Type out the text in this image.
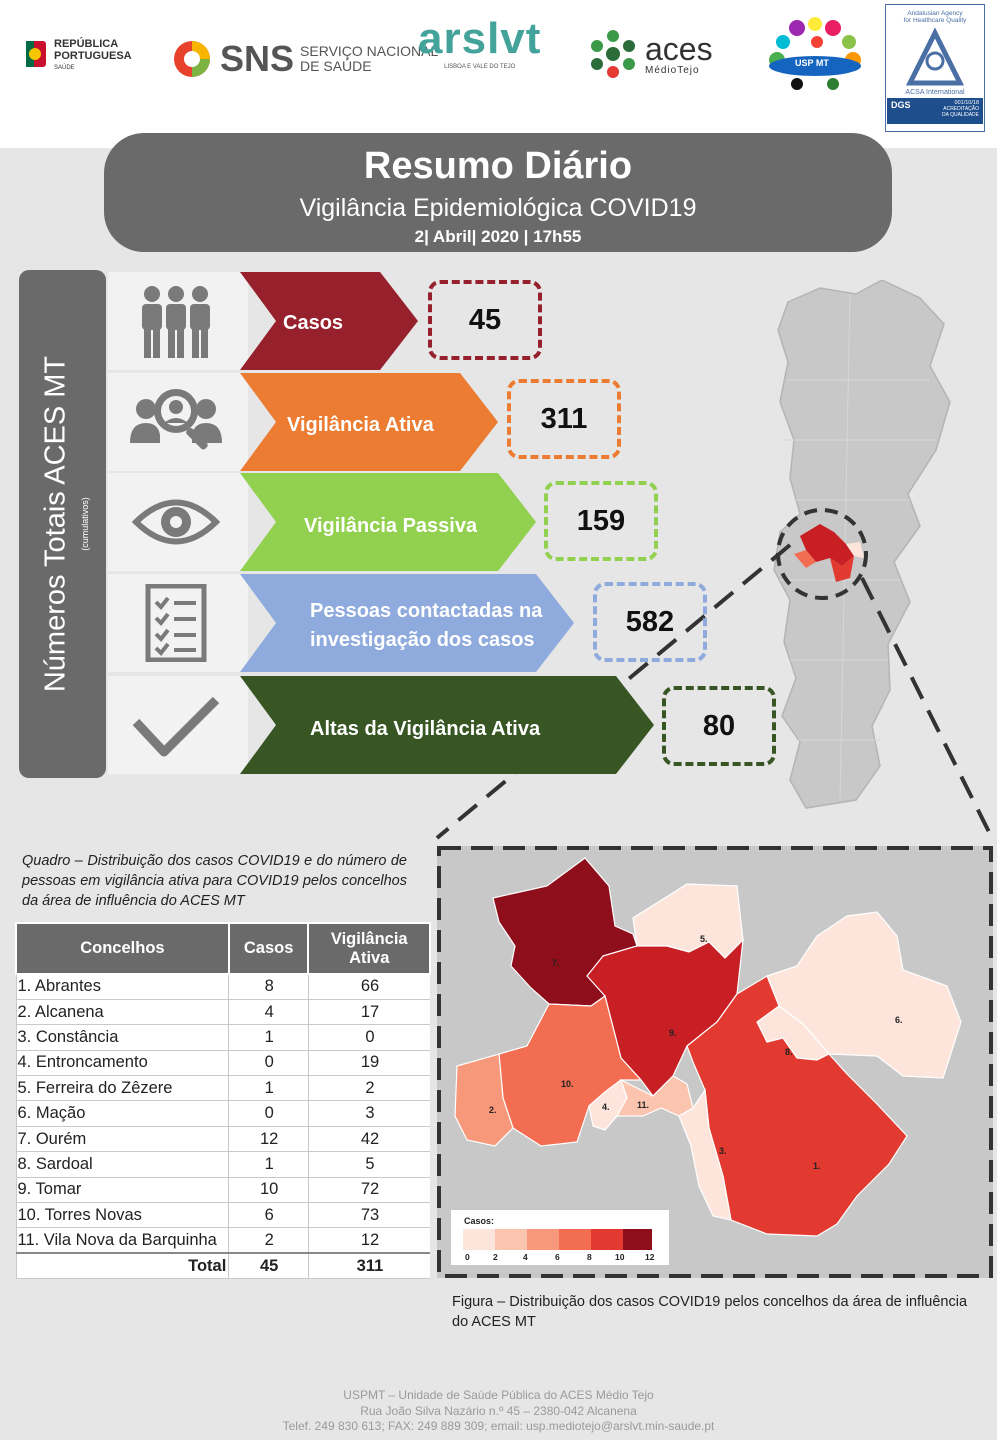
REPÚBLICA
PORTUGUESA
SAÚDE	SNS SERVIÇO NACIONAL
DE SAÚDE
arslvt
LISBOA E VALE DO TEJO
aces
MédioTejo
USP MT
Andalusian Agency
for Healthcare Quality
ACSA International
DGS	001/10/18
ACREDITAÇÃO DA QUALIDADE
Resumo Diário
Vigilância Epidemiológica COVID19
2| Abril| 2020 | 17h55
Números Totais ACES MT (cumulativos)
Casos
Vigilância Ativa
Vigilância Passiva
Pessoas contactadas na investigação dos casos
Altas da Vigilância Ativa
45
311
159
582
80
Quadro – Distribuição dos casos COVID19 e do número de pessoas em vigilância ativa para COVID19 pelos concelhos da área de influência do ACES MT
Concelhos	Casos	Vigilância Ativa
1. Abrantes	8	66
2. Alcanena	4	17
3. Constância	1	0
4. Entroncamento	0	19
5. Ferreira do Zêzere	1	2
6. Mação	0	3
7. Ourém	12	42
8. Sardoal	1	5
9. Tomar	10	72
10. Torres Novas	6	73
11. Vila Nova da Barquinha	2	12
Total	45	311
1.
2.
3.
4.
5.
6.
7.
8.
9.
10.
11.
Casos:
0	2	4	6	8	10 12
Figura – Distribuição dos casos COVID19 pelos concelhos da área de influência do ACES MT
USPMT – Unidade de Saúde Pública do ACES Médio Tejo
Rua João Silva Nazário n.º 45 – 2380-042 Alcanena
Telef. 249 830 613; FAX: 249 889 309; email: usp.mediotejo@arslvt.min-saude.pt
